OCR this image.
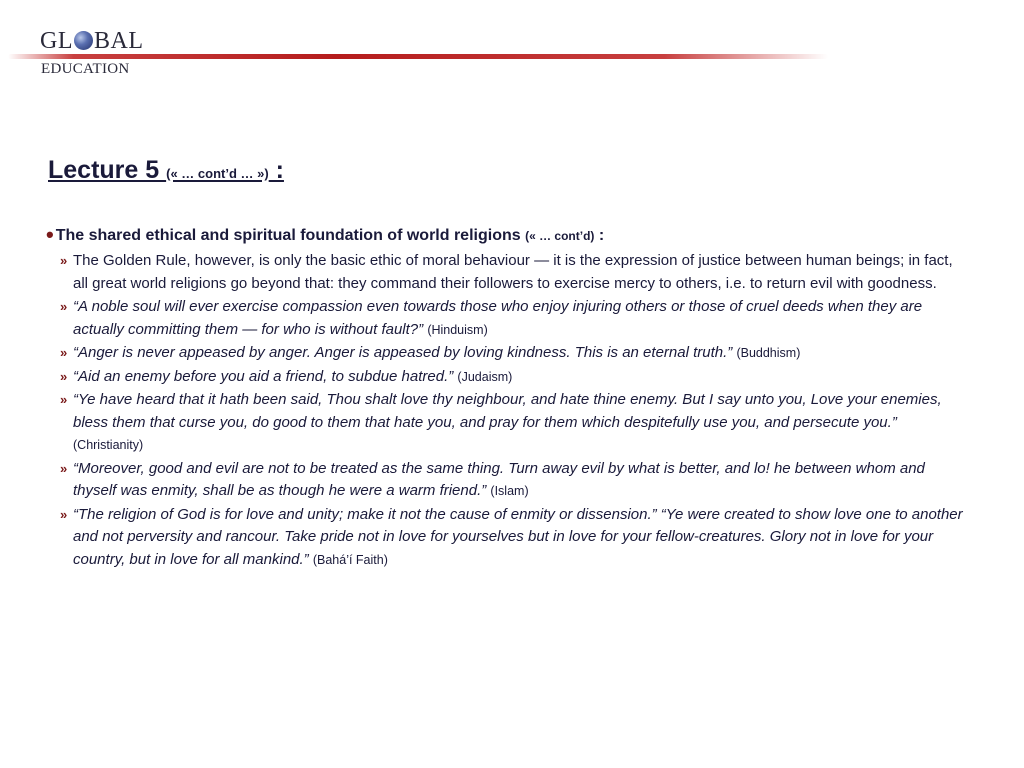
GL BAL
EDUCATION
Lecture 5 (« … cont’d … ») :
• The shared ethical and spiritual foundation of world religions (« … cont’d) :
» The Golden Rule, however, is only the basic ethic of moral behaviour — it is the expression of justice between human beings; in fact, all great world religions go beyond that: they command their followers to exercise mercy to others, i.e. to return evil with goodness.
» “A noble soul will ever exercise compassion even towards those who enjoy injuring others or those of cruel deeds when they are actually committing them — for who is without fault?” (Hinduism)
» “Anger is never appeased by anger. Anger is appeased by loving kindness. This is an eternal truth.” (Buddhism)
» “Aid an enemy before you aid a friend, to subdue hatred.” (Judaism)
» “Ye have heard that it hath been said, Thou shalt love thy neighbour, and hate thine enemy. But I say unto you, Love your enemies, bless them that curse you, do good to them that hate you, and pray for them which despitefully use you, and persecute you.” (Christianity)
» “Moreover, good and evil are not to be treated as the same thing. Turn away evil by what is better, and lo! he between whom and thyself was enmity, shall be as though he were a warm friend.” (Islam)
» “The religion of God is for love and unity; make it not the cause of enmity or dissension.” “Ye were created to show love one to another and not perversity and rancour. Take pride not in love for yourselves but in love for your fellow-creatures. Glory not in love for your country, but in love for all mankind.” (Bahá’í Faith)
